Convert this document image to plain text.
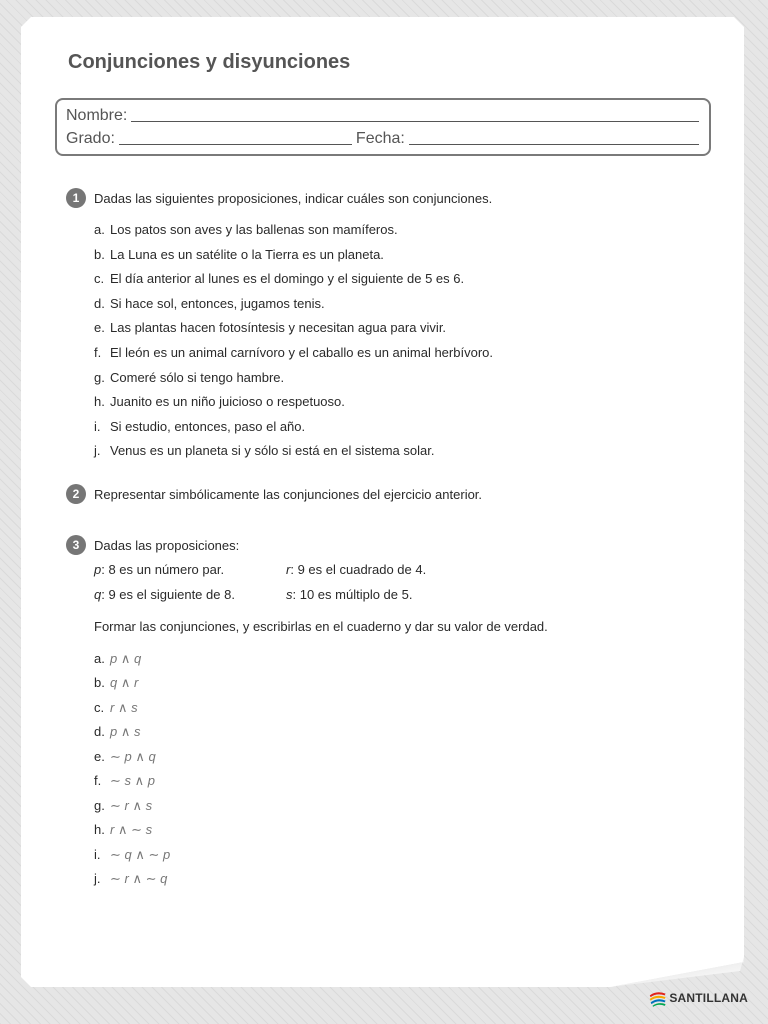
Conjunciones y disyunciones
Nombre:
Grado:	Fecha:
1	Dadas las siguientes proposiciones, indicar cuáles son conjunciones.
a. Los patos son aves y las ballenas son mamíferos.
b. La Luna es un satélite o la Tierra es un planeta.
c. El día anterior al lunes es el domingo y el siguiente de 5 es 6.
d. Si hace sol, entonces, jugamos tenis.
e. Las plantas hacen fotosíntesis y necesitan agua para vivir.
f. El león es un animal carnívoro y el caballo es un animal herbívoro.
g. Comeré sólo si tengo hambre.
h. Juanito es un niño juicioso o respetuoso.
i. Si estudio, entonces, paso el año.
j. Venus es un planeta si y sólo si está en el sistema solar.
2	Representar simbólicamente las conjunciones del ejercicio anterior.
3	Dadas las proposiciones:
p: 8 es un número par.	r: 9 es el cuadrado de 4.
q: 9 es el siguiente de 8.	s: 10 es múltiplo de 5.
Formar las conjunciones, y escribirlas en el cuaderno y dar su valor de verdad.
a. p ∧ q
b. q ∧ r
c. r ∧ s
d. p ∧ s
e. ∼ p ∧ q
f. ∼ s ∧ p
g. ∼ r ∧ s
h. r ∧ ∼ s
i. ∼ q ∧ ∼ p
j. ∼ r ∧ ∼ q
SANTILLANA
